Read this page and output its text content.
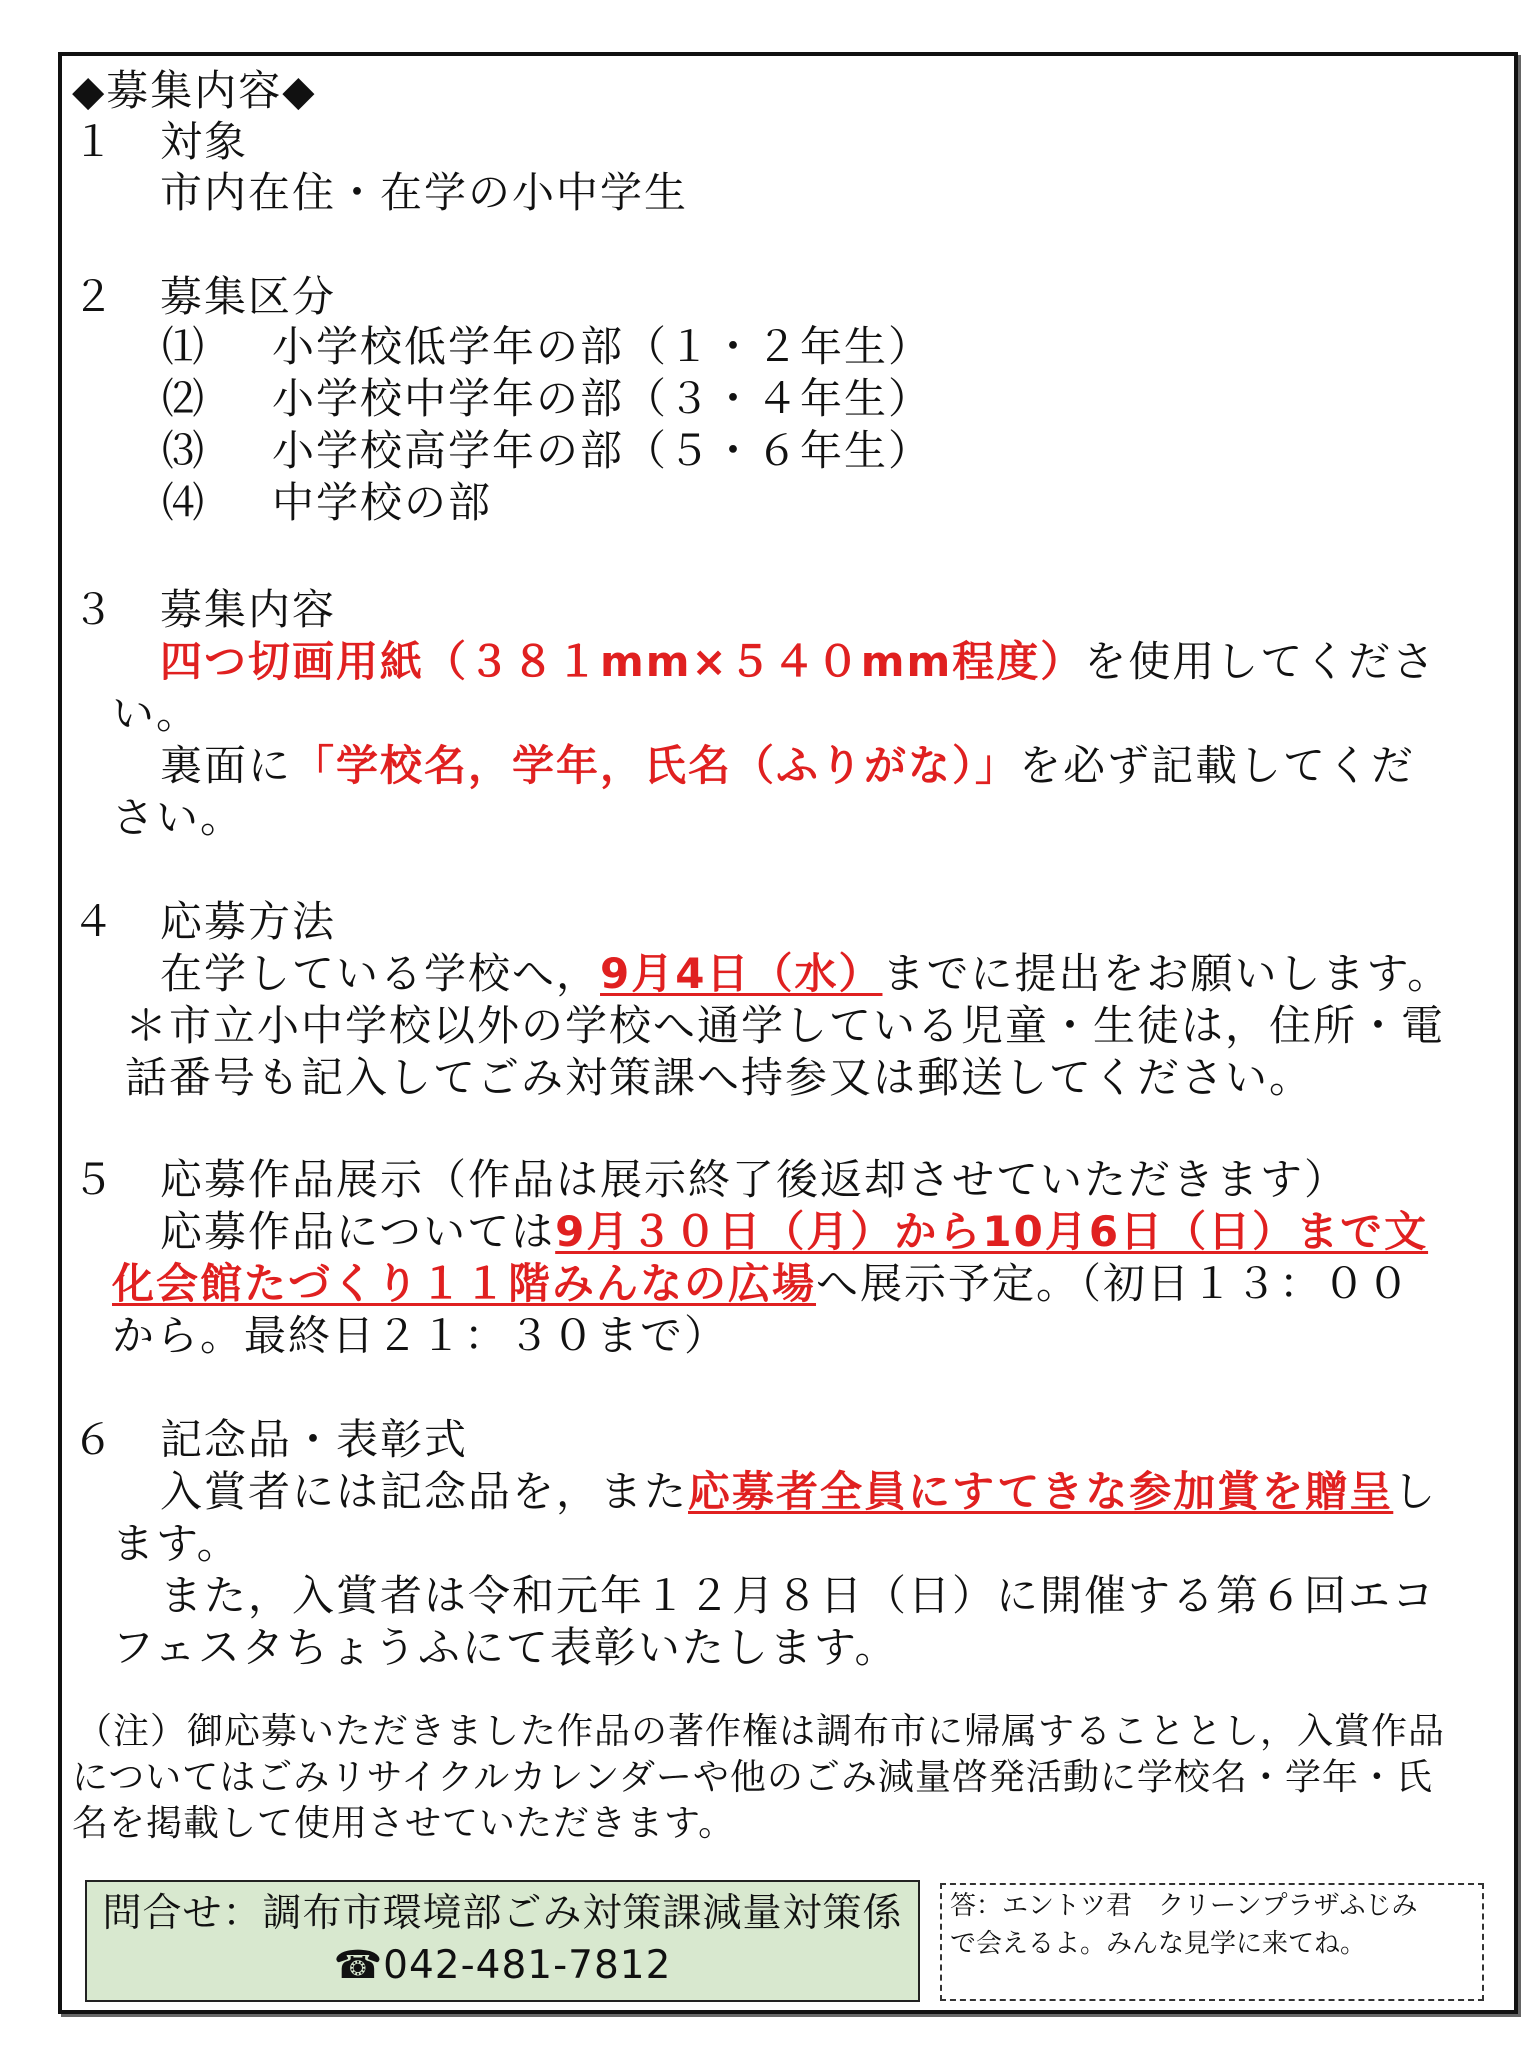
◆募集内容◆
１ 対象
市内在住・在学の小中学生
２ 募集区分
⑴ 小学校低学年の部（１・２年生）
⑵ 小学校中学年の部（３・４年生）
⑶ 小学校高学年の部（５・６年生）
⑷ 中学校の部
３ 募集内容
四つ切画用紙（３８１mm×５４０mm程度）を使用してくださ
い。
裏面に「学校名，学年，氏名（ふりがな）」を必ず記載してくだ
さい。
４ 応募方法
在学している学校へ，9月4日（水）までに提出をお願いします。
＊市立小中学校以外の学校へ通学している児童・生徒は，住所・電
話番号も記入してごみ対策課へ持参又は郵送してください。
５ 応募作品展示（作品は展示終了後返却させていただきます）
応募作品については9月３０日（月）から10月6日（日）まで文
化会館たづくり１１階みんなの広場へ展示予定。（初日１３：００
から。最終日２１：３０まで）
６ 記念品・表彰式
入賞者には記念品を，また応募者全員にすてきな参加賞を贈呈し
ます。
また，入賞者は令和元年１２月８日（日）に開催する第６回エコ
フェスタちょうふにて表彰いたします。
（注）御応募いただきました作品の著作権は調布市に帰属することとし，入賞作品
についてはごみリサイクルカレンダーや他のごみ減量啓発活動に学校名・学年・氏
名を掲載して使用させていただきます。
問合せ：調布市環境部ごみ対策課減量対策係
☎042-481-7812
答：エントツ君　クリーンプラザふじみ
で会えるよ。みんな見学に来てね。
